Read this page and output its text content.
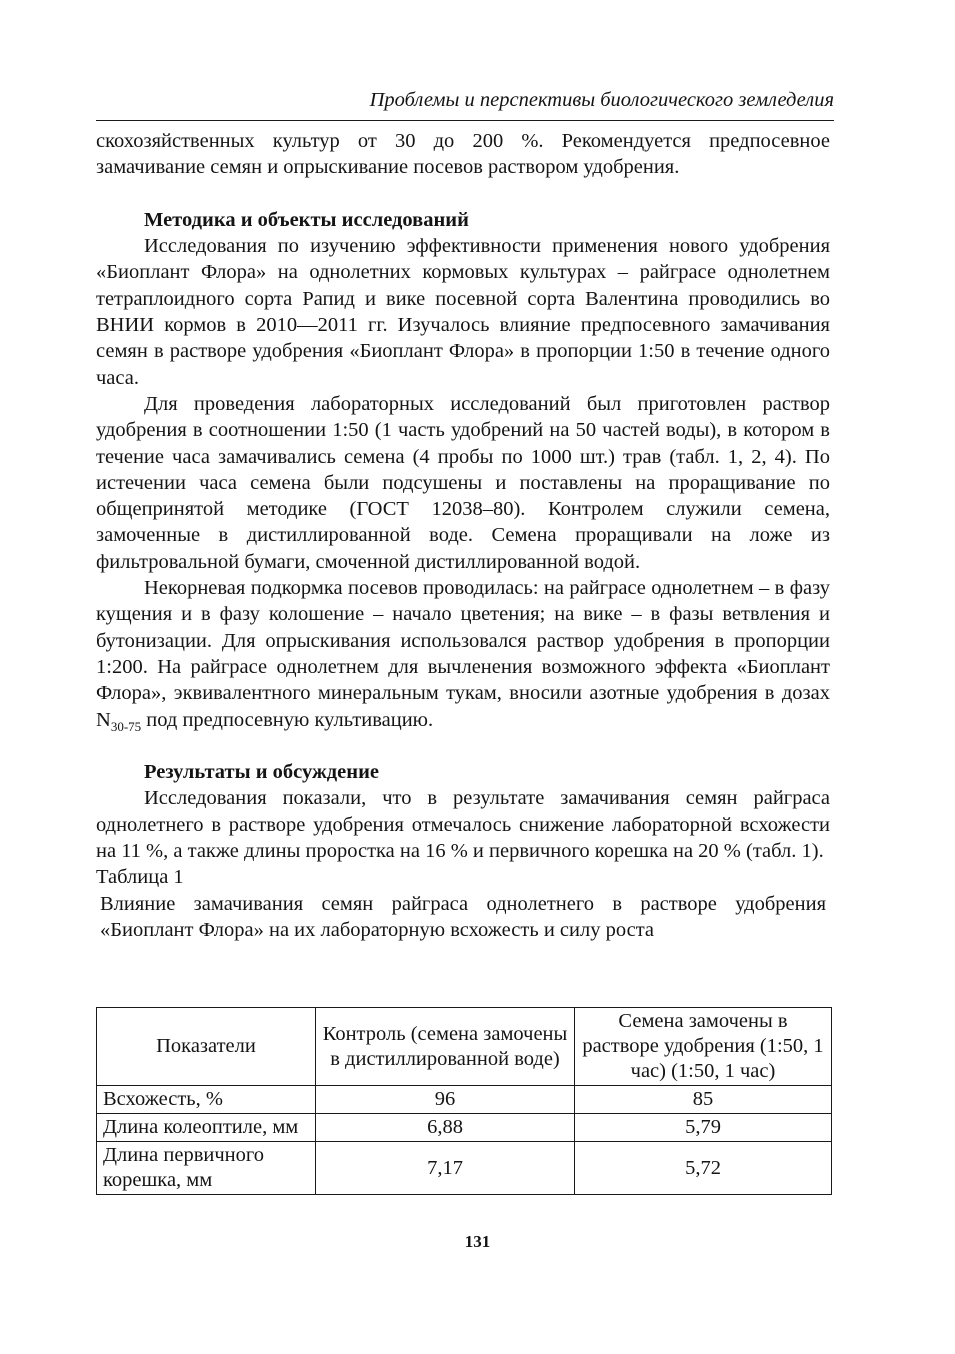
Проблемы и перспективы биологического земледелия

скохозяйственных культур от 30 до 200 %. Рекомендуется предпосевное замачивание семян и опрыскивание посевов раствором удобрения.

Методика и объекты исследований

Исследования по изучению эффективности применения нового удобрения «Биоплант Флора» на однолетних кормовых культурах – райграсе однолетнем тетраплоидного сорта Рапид и вике посевной сорта Валентина проводились во ВНИИ кормов в 2010—2011 гг. Изучалось влияние предпосевного замачивания семян в растворе удобрения «Биоплант Флора» в пропорции 1:50 в течение одного часа.

Для проведения лабораторных исследований был приготовлен раствор удобрения в соотношении 1:50 (1 часть удобрений на 50 частей воды), в котором в течение часа замачивались семена (4 пробы по 1000 шт.) трав (табл. 1, 2, 4). По истечении часа семена были подсушены и поставлены на проращивание по общепринятой методике (ГОСТ 12038–80). Контролем служили семена, замоченные в дистиллированной воде. Семена проращивали на ложе из фильтровальной бумаги, смоченной дистиллированной водой.

Некорневая подкормка посевов проводилась: на райграсе однолетнем – в фазу кущения и в фазу колошение – начало цветения; на вике – в фазы ветвления и бутонизации. Для опрыскивания использовался раствор удобрения в пропорции 1:200. На райграсе однолетнем для вычленения возможного эффекта «Биоплант Флора», эквивалентного минеральным тукам, вносили азотные удобрения в дозах $N_{30-75}$ под предпосевную культивацию.

Результаты и обсуждение

Исследования показали, что в результате замачивания семян райграса однолетнего в растворе удобрения отмечалось снижение лабораторной всхожести на 11 %, а также длины проростка на 16 % и первичного корешка на 20 % (табл. 1).

Таблица 1

Влияние замачивания семян райграса однолетнего в растворе удобрения «Биоплант Флора» на их лабораторную всхожесть и силу роста

Показатели	Контроль (семена замочены в дистиллированной воде)	Семена замочены в растворе удобрения (1:50, 1 час) (1:50, 1 час)
Всхожесть, %	96	85
Длина колеоптиле, мм	6,88	5,79
Длина первичного корешка, мм	7,17	5,72
131
